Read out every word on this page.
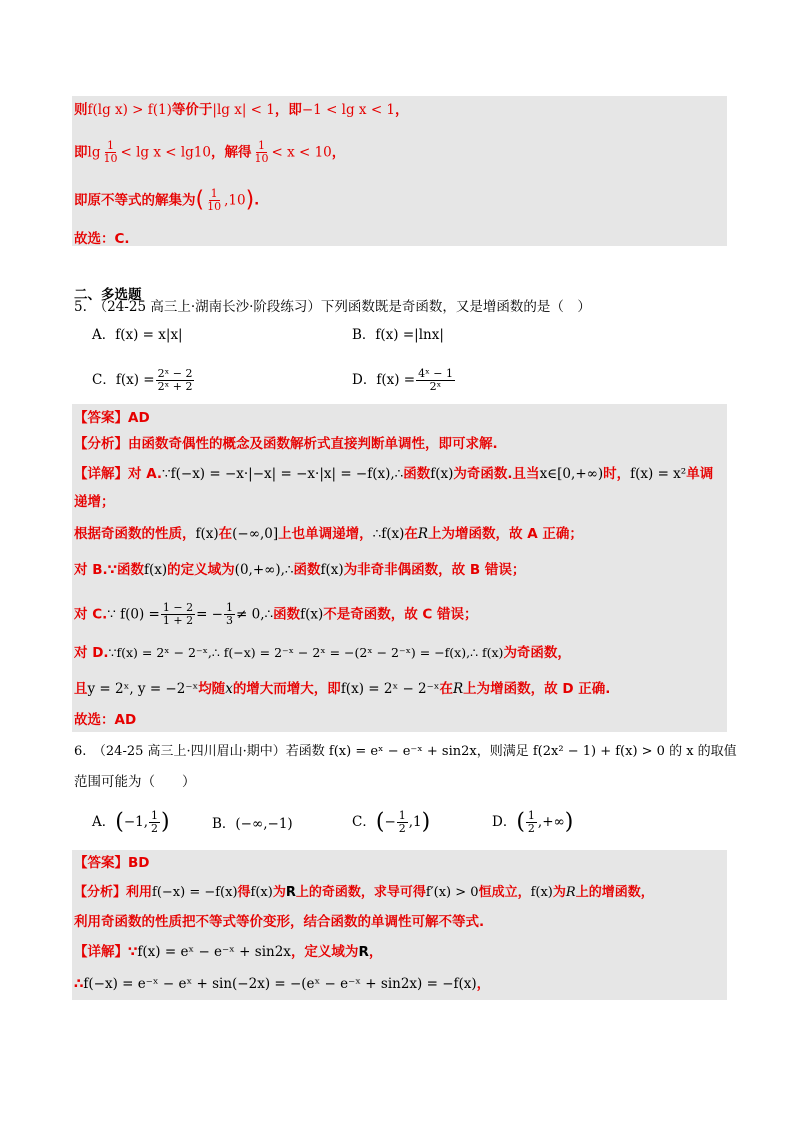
则f(lg x) > f(1)等价于|lg x| < 1，即−1 < lg x < 1，
即$\lg \frac{1}{10} < \lg x < \lg 10$，解得 $\frac{1}{10} < x < 10$，
即原不等式的解集为( $\frac{1}{10} ,10$).
故选：C.
二、多选题
5.　（24-25 高三上·湖南长沙·阶段练习）下列函数既是奇函数，又是增函数的是（　）
A．f(x) = x|x|	B．f(x) =|lnx|
C．$f(x) = \frac{\text{2ˣ − 2}}{\text{2ˣ + 2}}$	D．$f(x) = \frac{\text{4ˣ − 1}}{\text{2ˣ}}$
【答案】AD
【分析】由函数奇偶性的概念及函数解析式直接判断单调性，即可求解.
【详解】对 A.∵f(−x) = −x·|−x| = −x·|x| = −f(x),∴函数f(x)为奇函数.且当x∈[0,+∞)时，f(x) = x²单调
递增；
根据奇函数的性质，f(x)在(−∞,0]上也单调递增，∴f(x)在R上为增函数，故 A 正确；
对 B.∵函数f(x)的定义域为(0,+∞),∴函数f(x)为非奇非偶函数，故 B 错误；
对 C.∵ $f(0) = \frac{1 - 2}{1 + 2}$ = − $\frac{1}{3}$ ≠ 0,∴函数f(x)不是奇函数，故 C 错误；
对 D.∵f(x) = 2ˣ − 2⁻ˣ,∴ f(−x) = 2⁻ˣ − 2ˣ = −(2ˣ − 2⁻ˣ) = −f(x),∴ f(x)为奇函数，
且y = 2ˣ, y = −2⁻ˣ均随x的增大而增大，即f(x) = 2ˣ − 2⁻ˣ在R上为增函数，故 D 正确.
故选：AD
6.　（24-25 高三上·四川眉山·期中）若函数 f(x) = eˣ − e⁻ˣ + sin2x，则满足 f(2x² − 1) + f(x) > 0 的 x 的取值
范围可能为（　　）
A．(−1, $\frac{1}{2}$ )	B．(−∞,−1)	C．(− $\frac{1}{2} ,1$)	D．( $\frac{1}{2}$ ,+∞)
【答案】BD
【分析】利用f(−x) = −f(x)得f(x)为R上的奇函数，求导可得f′(x) > 0恒成立，f(x)为R上的增函数，
利用奇函数的性质把不等式等价变形，结合函数的单调性可解不等式.
【详解】∵f(x) = eˣ − e⁻ˣ + sin2x，定义域为R，
∴f(−x) = e⁻ˣ − eˣ + sin(−2x) = −(eˣ − e⁻ˣ + sin2x) = −f(x)，
